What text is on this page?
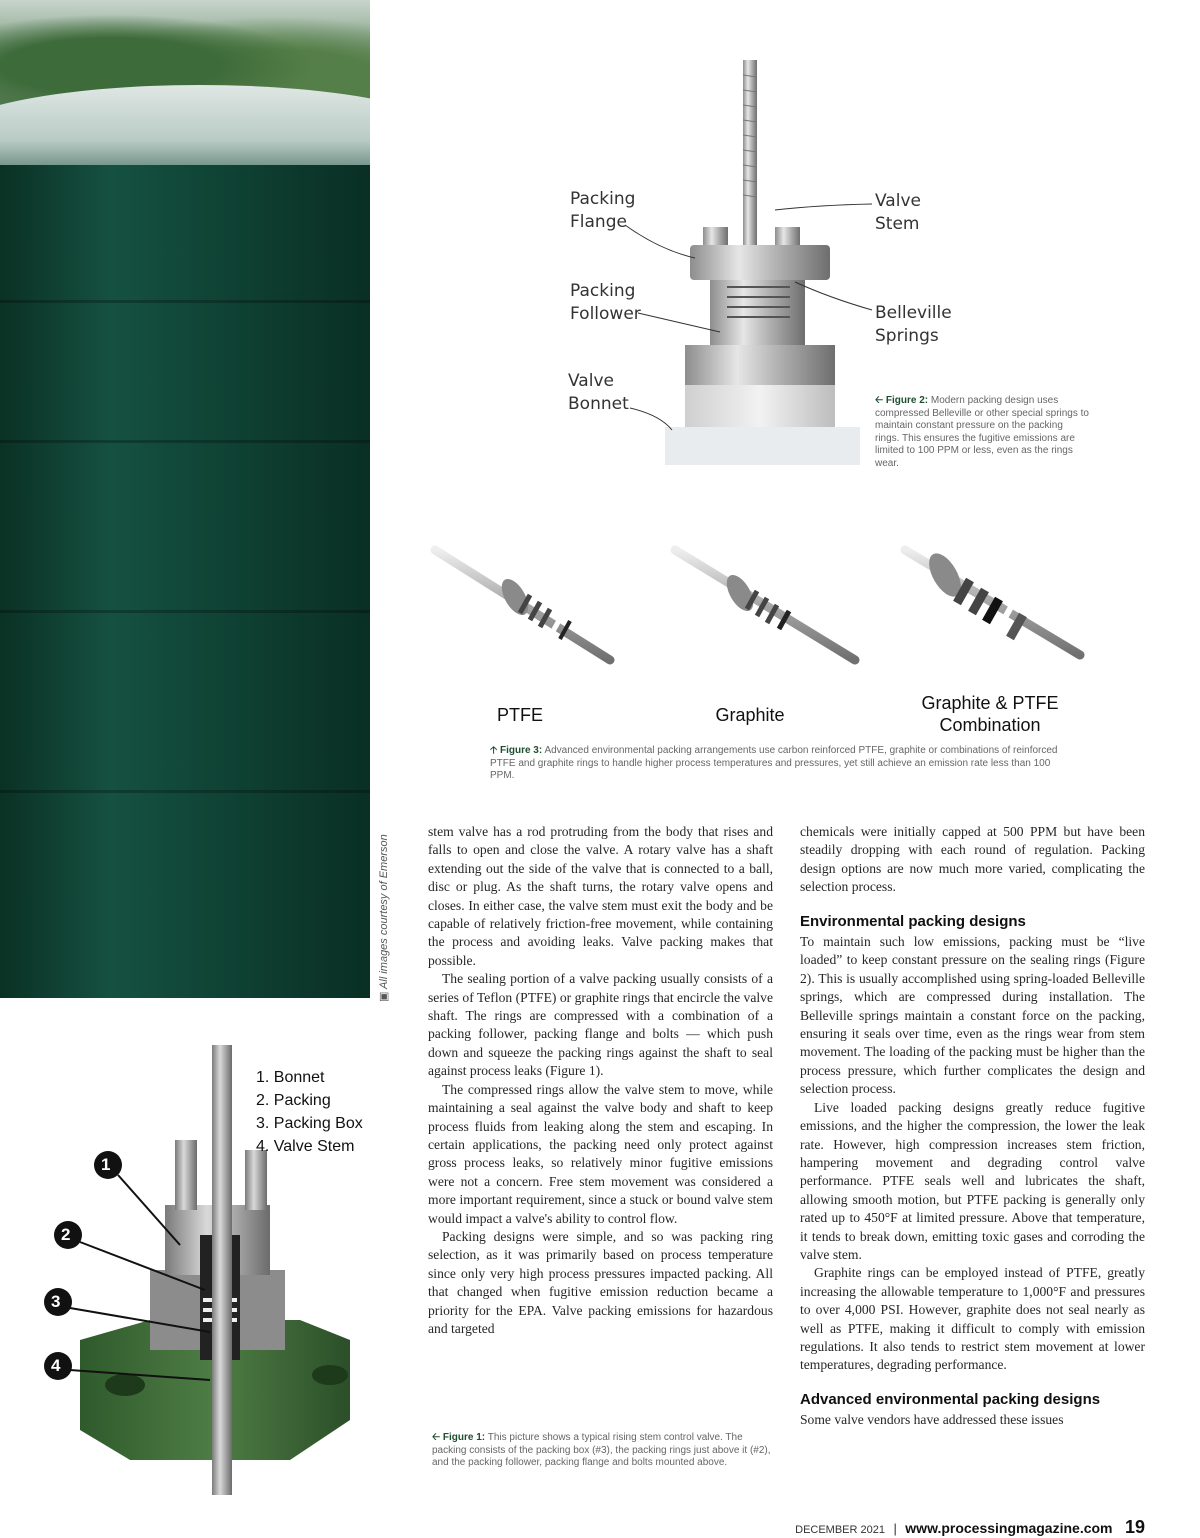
▣ All images courtesy of Emerson
Packing
Flange
Packing
Follower
Valve
Bonnet
Valve
Stem
Belleville
Springs
🡠 Figure 2: Modern packing design uses compressed Belleville or other special springs to maintain constant pressure on the packing rings. This ensures the fugitive emissions are limited to 100 PPM or less, even as the rings wear.
PTFE	Graphite
Graphite & PTFE
Combination
🡡 Figure 3: Advanced environmental packing arrangements use carbon reinforced PTFE, graphite or combinations of reinforced PTFE and graphite rings to handle higher process temperatures and pressures, yet still achieve an emission rate less than 100 PPM.

stem valve has a rod protruding from the body that rises and falls to open and close the valve. A rotary valve has a shaft extending out the side of the valve that is connected to a ball, disc or plug. As the shaft turns, the rotary valve opens and closes. In either case, the valve stem must exit the body and be capable of relatively friction-free movement, while containing the process and avoiding leaks. Valve packing makes that possible.

The sealing portion of a valve packing usually consists of a series of Teflon (PTFE) or graphite rings that encircle the valve shaft. The rings are compressed with a combination of a packing follower, packing flange and bolts — which push down and squeeze the packing rings against the shaft to seal against process leaks (Figure 1).

The compressed rings allow the valve stem to move, while maintaining a seal against the valve body and shaft to keep process fluids from leaking along the stem and escaping. In certain applications, the packing need only protect against gross process leaks, so relatively minor fugitive emissions were not a concern. Free stem movement was considered a more important requirement, since a stuck or bound valve stem would impact a valve's ability to control flow.

Packing designs were simple, and so was packing ring selection, as it was primarily based on process temperature since only very high process pressures impacted packing. All that changed when fugitive emission reduction became a priority for the EPA. Valve packing emissions for hazardous and targeted

🡠 Figure 1: This picture shows a typical rising stem control valve. The packing consists of the packing box (#3), the packing rings just above it (#2), and the packing follower, packing flange and bolts mounted above.

chemicals were initially capped at 500 PPM but have been steadily dropping with each round of regulation. Packing design options are now much more varied, complicating the selection process.

Environmental packing designs

To maintain such low emissions, packing must be “live loaded” to keep constant pressure on the sealing rings (Figure 2). This is usually accomplished using spring-loaded Belleville springs, which are compressed during installation. The Belleville springs maintain a constant force on the packing, ensuring it seals over time, even as the rings wear from stem movement. The loading of the packing must be higher than the process pressure, which further complicates the design and selection process.

Live loaded packing designs greatly reduce fugitive emissions, and the higher the compression, the lower the leak rate. However, high compression increases stem friction, hampering movement and degrading control valve performance. PTFE seals well and lubricates the shaft, allowing smooth motion, but PTFE packing is generally only rated up to 450°F at limited pressure. Above that temperature, it tends to break down, emitting toxic gases and corroding the valve stem.

Graphite rings can be employed instead of PTFE, greatly increasing the allowable temperature to 1,000°F and pressures to over 4,000 PSI. However, graphite does not seal nearly as well as PTFE, making it difficult to comply with emission regulations. It also tends to restrict stem movement at lower temperatures, degrading performance.

Advanced environmental packing designs

Some valve vendors have addressed these issues

1
2
3
4
1. Bonnet
2. Packing
3. Packing Box
4. Valve Stem
DECEMBER 2021 | www.processingmagazine.com 19
